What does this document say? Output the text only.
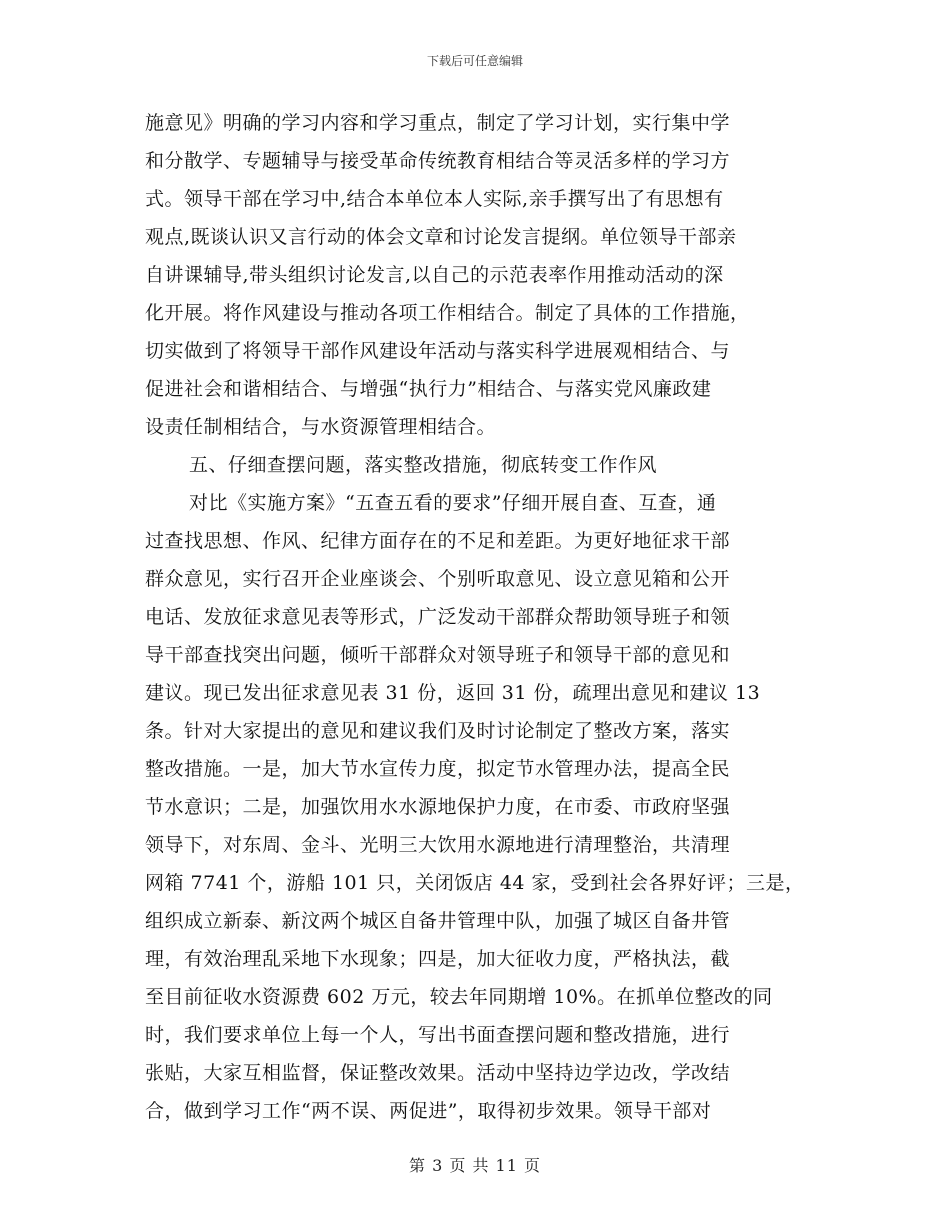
下载后可任意编辑
施意见》明确的学习内容和学习重点，制定了学习计划，实行集中学
和分散学、专题辅导与接受革命传统教育相结合等灵活多样的学习方
式。领导干部在学习中,结合本单位本人实际,亲手撰写出了有思想有
观点,既谈认识又言行动的体会文章和讨论发言提纲。单位领导干部亲
自讲课辅导,带头组织讨论发言,以自己的示范表率作用推动活动的深
化开展。将作风建设与推动各项工作相结合。制定了具体的工作措施，
切实做到了将领导干部作风建设年活动与落实科学进展观相结合、与
促进社会和谐相结合、与增强“执行力”相结合、与落实党风廉政建
设责任制相结合，与水资源管理相结合。
五、仔细查摆问题，落实整改措施，彻底转变工作作风
对比《实施方案》“五查五看的要求”仔细开展自查、互查，通
过查找思想、作风、纪律方面存在的不足和差距。为更好地征求干部
群众意见，实行召开企业座谈会、个别听取意见、设立意见箱和公开
电话、发放征求意见表等形式，广泛发动干部群众帮助领导班子和领
导干部查找突出问题，倾听干部群众对领导班子和领导干部的意见和
建议。现已发出征求意见表 31 份，返回 31 份，疏理出意见和建议 13
条。针对大家提出的意见和建议我们及时讨论制定了整改方案，落实
整改措施。一是，加大节水宣传力度，拟定节水管理办法，提高全民
节水意识；二是，加强饮用水水源地保护力度，在市委、市政府坚强
领导下，对东周、金斗、光明三大饮用水源地进行清理整治，共清理
网箱 7741 个，游船 101 只，关闭饭店 44 家，受到社会各界好评；三是，
组织成立新泰、新汶两个城区自备井管理中队，加强了城区自备井管
理，有效治理乱采地下水现象；四是，加大征收力度，严格执法，截
至目前征收水资源费 602 万元，较去年同期增 10%。在抓单位整改的同
时，我们要求单位上每一个人，写出书面查摆问题和整改措施，进行
张贴，大家互相监督，保证整改效果。活动中坚持边学边改，学改结
合，做到学习工作“两不误、两促进”，取得初步效果。领导干部对
第 3 页 共 11 页
